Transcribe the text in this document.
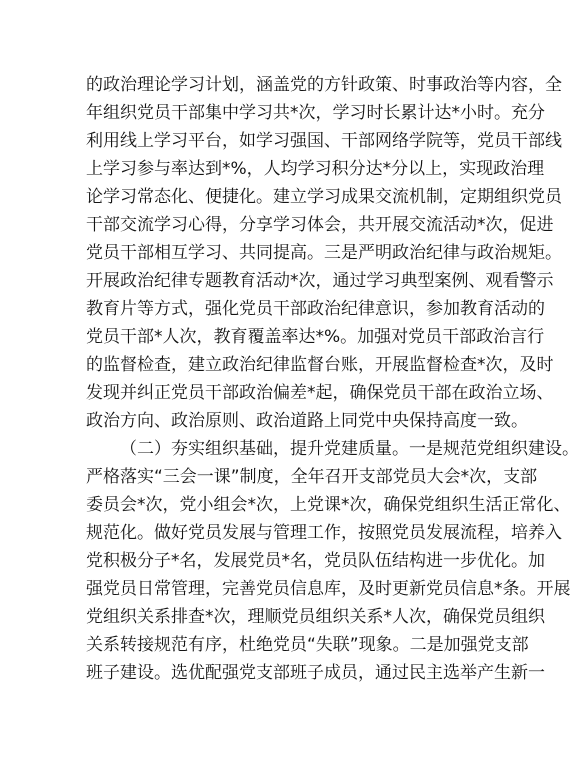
的政治理论学习计划，涵盖党的方针政策、时事政治等内容，全
年组织党员干部集中学习共*次，学习时长累计达*小时。充分
利用线上学习平台，如学习强国、干部网络学院等，党员干部线
上学习参与率达到*%，人均学习积分达*分以上，实现政治理
论学习常态化、便捷化。建立学习成果交流机制，定期组织党员
干部交流学习心得，分享学习体会，共开展交流活动*次，促进
党员干部相互学习、共同提高。三是严明政治纪律与政治规矩。
开展政治纪律专题教育活动*次，通过学习典型案例、观看警示
教育片等方式，强化党员干部政治纪律意识，参加教育活动的
党员干部*人次，教育覆盖率达*%。加强对党员干部政治言行
的监督检查，建立政治纪律监督台账，开展监督检查*次，及时
发现并纠正党员干部政治偏差*起，确保党员干部在政治立场、
政治方向、政治原则、政治道路上同党中央保持高度一致。
（二）夯实组织基础，提升党建质量。一是规范党组织建设。
严格落实“三会一课”制度，全年召开支部党员大会*次，支部
委员会*次，党小组会*次，上党课*次，确保党组织生活正常化、
规范化。做好党员发展与管理工作，按照党员发展流程，培养入
党积极分子*名，发展党员*名，党员队伍结构进一步优化。加
强党员日常管理，完善党员信息库，及时更新党员信息*条。开展
党组织关系排查*次，理顺党员组织关系*人次，确保党员组织
关系转接规范有序，杜绝党员“失联”现象。二是加强党支部
班子建设。选优配强党支部班子成员，通过民主选举产生新一
